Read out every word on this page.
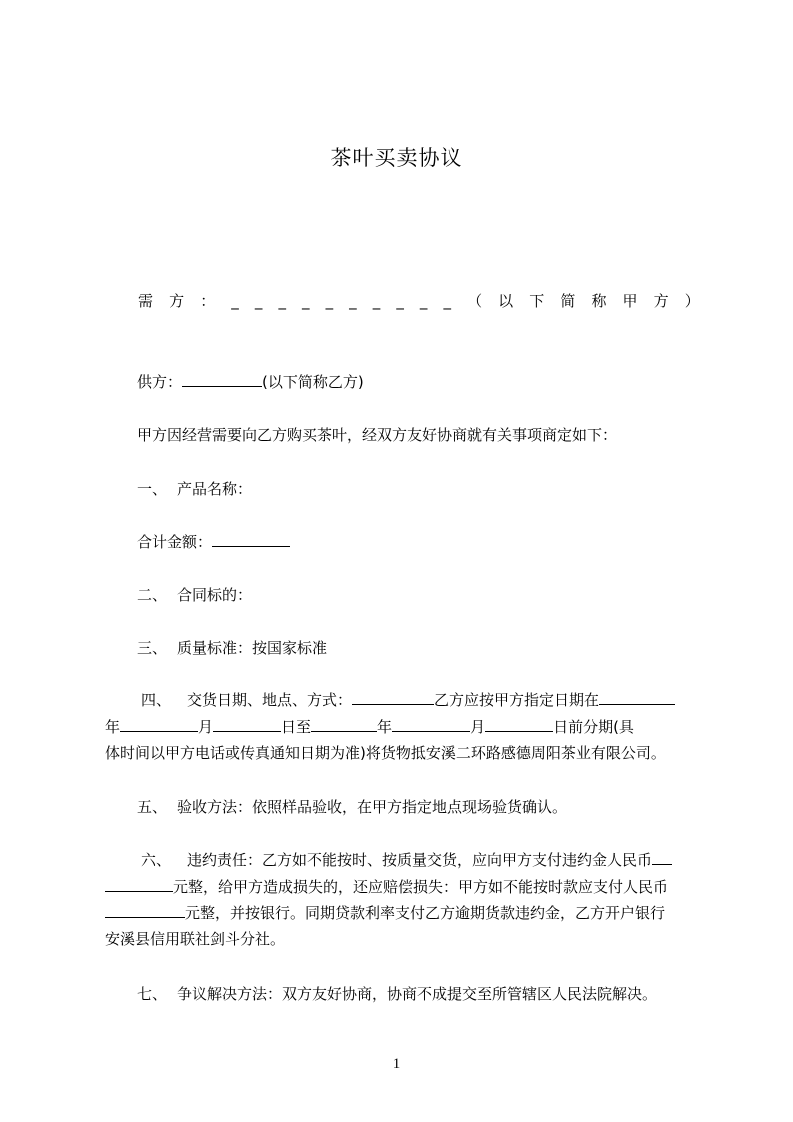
茶叶买卖协议
需 方 ： _ _ _ _ _ _ _ _ _ _ （ 以 下 简 称 甲 方 ）
供方：	(以下简称乙方)
甲方因经营需要向乙方购买茶叶，经双方友好协商就有关事项商定如下：
一、 产品名称：
合计金额：
二、 合同标的：
三、 质量标准：按国家标准
四、 交货日期、地点、方式：	乙方应按甲方指定日期在
年	月	日至	年	月	日前分期(具
体时间以甲方电话或传真通知日期为准)将货物抵安溪二环路感德周阳茶业有限公司。
五、 验收方法：依照样品验收，在甲方指定地点现场验货确认。
六、 违约责任：乙方如不能按时、按质量交货，应向甲方支付违约金人民币
元整，给甲方造成损失的，还应赔偿损失：甲方如不能按时款应支付人民币
元整，并按银行。同期贷款利率支付乙方逾期货款违约金，乙方开户银行
安溪县信用联社剑斗分社。
七、 争议解决方法：双方友好协商，协商不成提交至所管辖区人民法院解决。
1
